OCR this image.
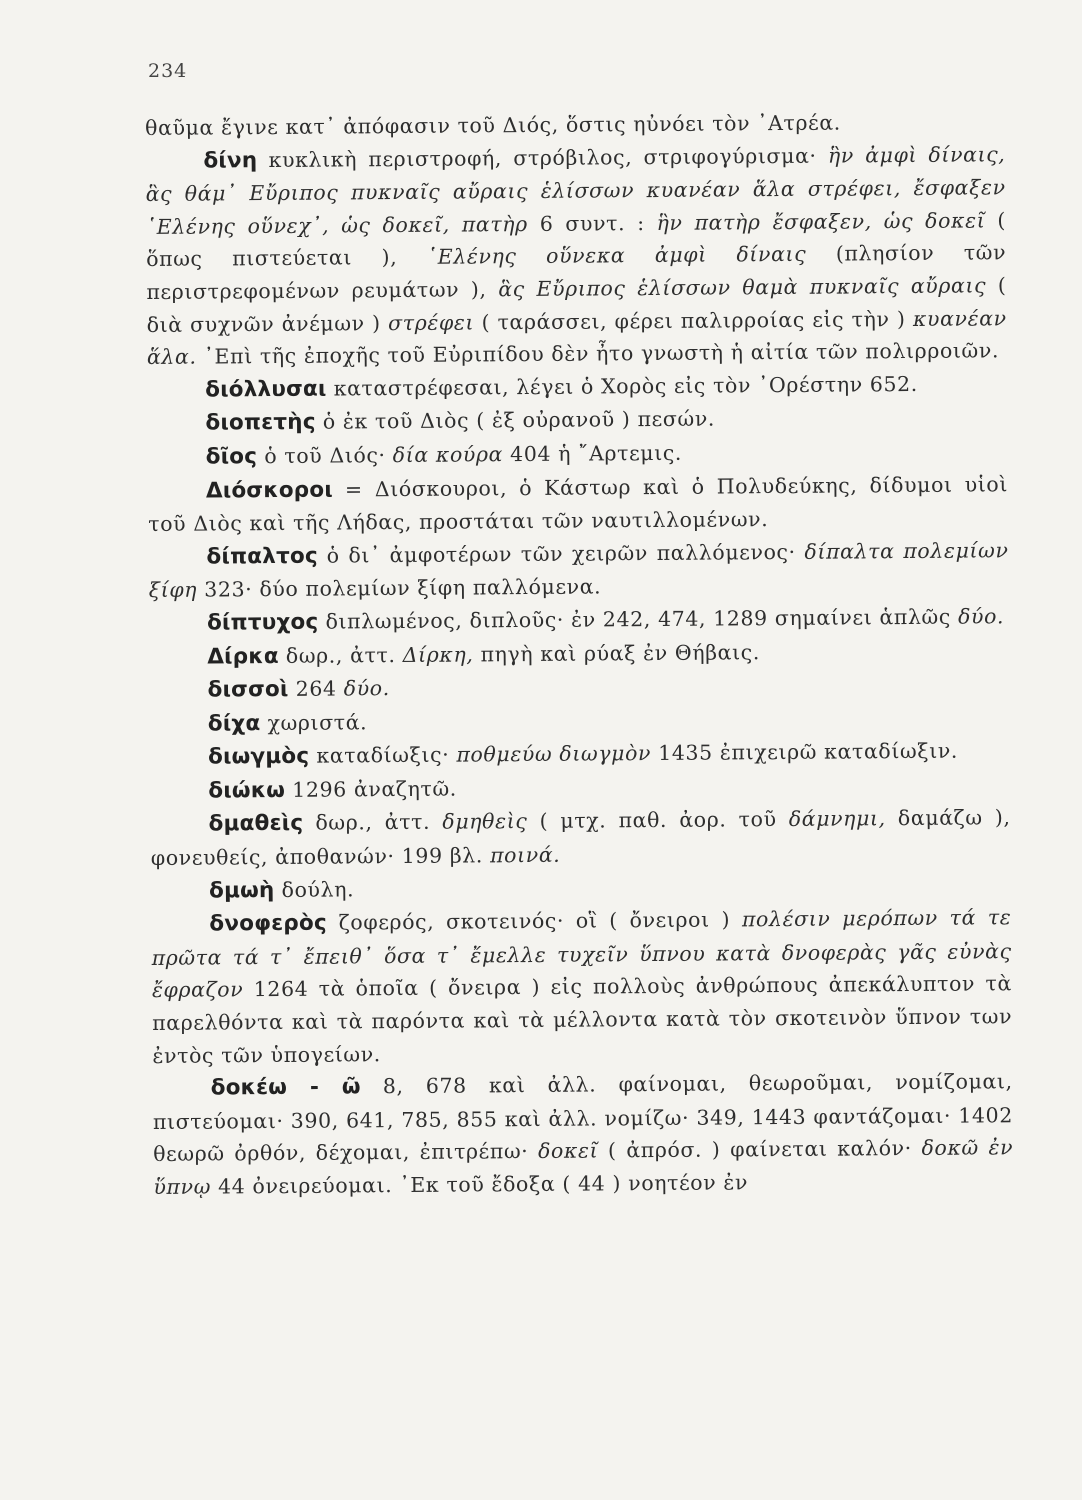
234

θαῦμα ἔγινε κατ᾽ ἀπόφασιν τοῦ Διός, ὅστις ηὐνόει τὸν ᾽Ατρέα.

δίνη κυκλικὴ περιστροφή, στρόβιλος, στριφογύρισμα· ἣν ἀμφὶ δίναις, ἃς θάμ᾽ Εὔριπος πυκναῖς αὔραις ἑλίσσων κυανέαν ἅλα στρέφει, ἔσφαξεν ῾Ελένης οὕνεχ᾽, ὡς δοκεῖ, πατὴρ 6 συντ. : ἣν πατὴρ ἔσφαξεν, ὡς δοκεῖ ( ὅπως πιστεύεται ), ῾Ελένης οὕνεκα ἀμφὶ δίναις (πλησίον τῶν περιστρεφομένων ρευμάτων ), ἃς Εὔριπος ἑλίσσων θαμὰ πυκναῖς αὔραις ( διὰ συχνῶν ἀνέμων ) στρέφει ( ταράσσει, φέρει παλιρροίας εἰς τὴν ) κυανέαν ἅλα. ᾽Επὶ τῆς ἐποχῆς τοῦ Εὐριπίδου δὲν ἦτο γνωστὴ ἡ αἰτία τῶν πολιρροιῶν.

διόλλυσαι καταστρέφεσαι, λέγει ὁ Χορὸς εἰς τὸν ᾽Ορέστην 652.

διοπετὴς ὁ ἐκ τοῦ Διὸς ( ἐξ οὐρανοῦ ) πεσών.

δῖος ὁ τοῦ Διός· δία κούρα 404 ἡ ῎Αρτεμις.

Διόσκοροι = Διόσκουροι, ὁ Κάστωρ καὶ ὁ Πολυδεύκης, δίδυμοι υἱοὶ τοῦ Διὸς καὶ τῆς Λήδας, προστάται τῶν ναυτιλλομένων.

δίπαλτος ὁ δι᾽ ἀμφοτέρων τῶν χειρῶν παλλόμενος· δίπαλτα πολεμίων ξίφη 323· δύο πολεμίων ξίφη παλλόμενα.

δίπτυχος διπλωμένος, διπλοῦς· ἐν 242, 474, 1289 σημαίνει ἁπλῶς δύο.

Δίρκα δωρ., ἀττ. Δίρκη, πηγὴ καὶ ρύαξ ἐν Θήβαις.

δισσοὶ 264 δύο.

δίχα χωριστά.

διωγμὸς καταδίωξις· ποθμεύω διωγμὸν 1435 ἐπιχειρῶ καταδίωξιν.

διώκω 1296 ἀναζητῶ.

δμαθεὶς δωρ., ἀττ. δμηθεὶς ( μτχ. παθ. ἀορ. τοῦ δάμνημι, δαμάζω ), φονευθείς, ἀποθανών· 199 βλ. ποινά.

δμωὴ δούλη.

δνοφερὸς ζοφερός, σκοτεινός· οἳ ( ὄνειροι ) πολέσιν μερόπων τά τε πρῶτα τά τ᾽ ἔπειθ᾽ ὅσα τ᾽ ἔμελλε τυχεῖν ὕπνου κατὰ δνοφερὰς γᾶς εὐνὰς ἔφραζον 1264 τὰ ὁποῖα ( ὄνειρα ) εἰς πολλοὺς ἀνθρώπους ἀπεκάλυπτον τὰ παρελθόντα καὶ τὰ παρόντα καὶ τὰ μέλλοντα κατὰ τὸν σκοτεινὸν ὕπνον των ἐντὸς τῶν ὑπογείων.

δοκέω - ῶ 8, 678 καὶ ἀλλ. φαίνομαι, θεωροῦμαι, νομίζομαι, πιστεύομαι· 390, 641, 785, 855 καὶ ἀλλ. νομίζω· 349, 1443 φαντάζομαι· 1402 θεωρῶ ὀρθόν, δέχομαι, ἐπιτρέπω· δοκεῖ ( ἀπρόσ. ) φαίνεται καλόν· δοκῶ ἐν ὕπνῳ 44 ὀνειρεύομαι. ᾽Εκ τοῦ ἔδοξα ( 44 ) νοητέον ἐν
